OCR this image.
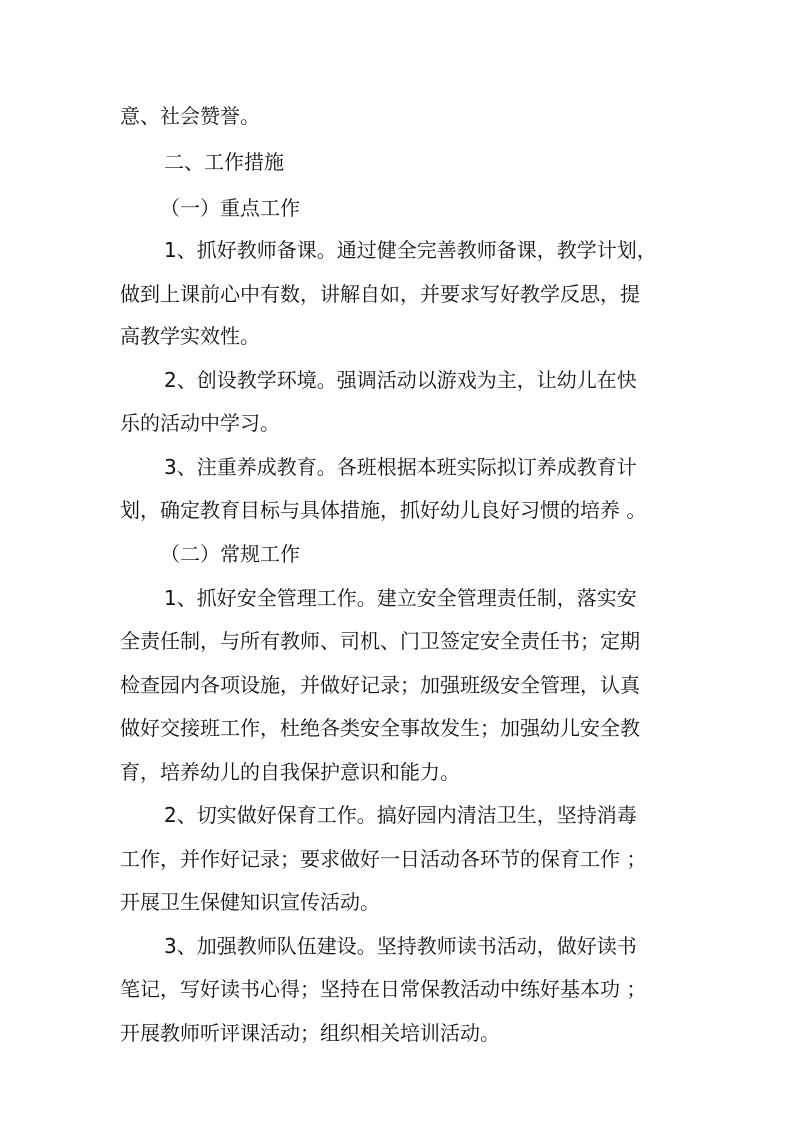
意、社会赞誉。
二、工作措施
（一）重点工作
1、抓好教师备课。通过健全完善教师备课，教学计划，
做到上课前心中有数，讲解自如，并要求写好教学反思，提
高教学实效性。
2、创设教学环境。强调活动以游戏为主，让幼儿在快
乐的活动中学习。
3、注重养成教育。各班根据本班实际拟订养成教育计
划，确定教育目标与具体措施，抓好幼儿良好习惯的培养 。
（二）常规工作
1、抓好安全管理工作。建立安全管理责任制，落实安
全责任制，与所有教师、司机、门卫签定安全责任书；定期
检查园内各项设施，并做好记录；加强班级安全管理，认真
做好交接班工作，杜绝各类安全事故发生；加强幼儿安全教
育，培养幼儿的自我保护意识和能力。
2、切实做好保育工作。搞好园内清洁卫生，坚持消毒
工作，并作好记录；要求做好一日活动各环节的保育工作 ；
开展卫生保健知识宣传活动。
3、加强教师队伍建设。坚持教师读书活动，做好读书
笔记，写好读书心得；坚持在日常保教活动中练好基本功 ；
开展教师听评课活动；组织相关培训活动。
